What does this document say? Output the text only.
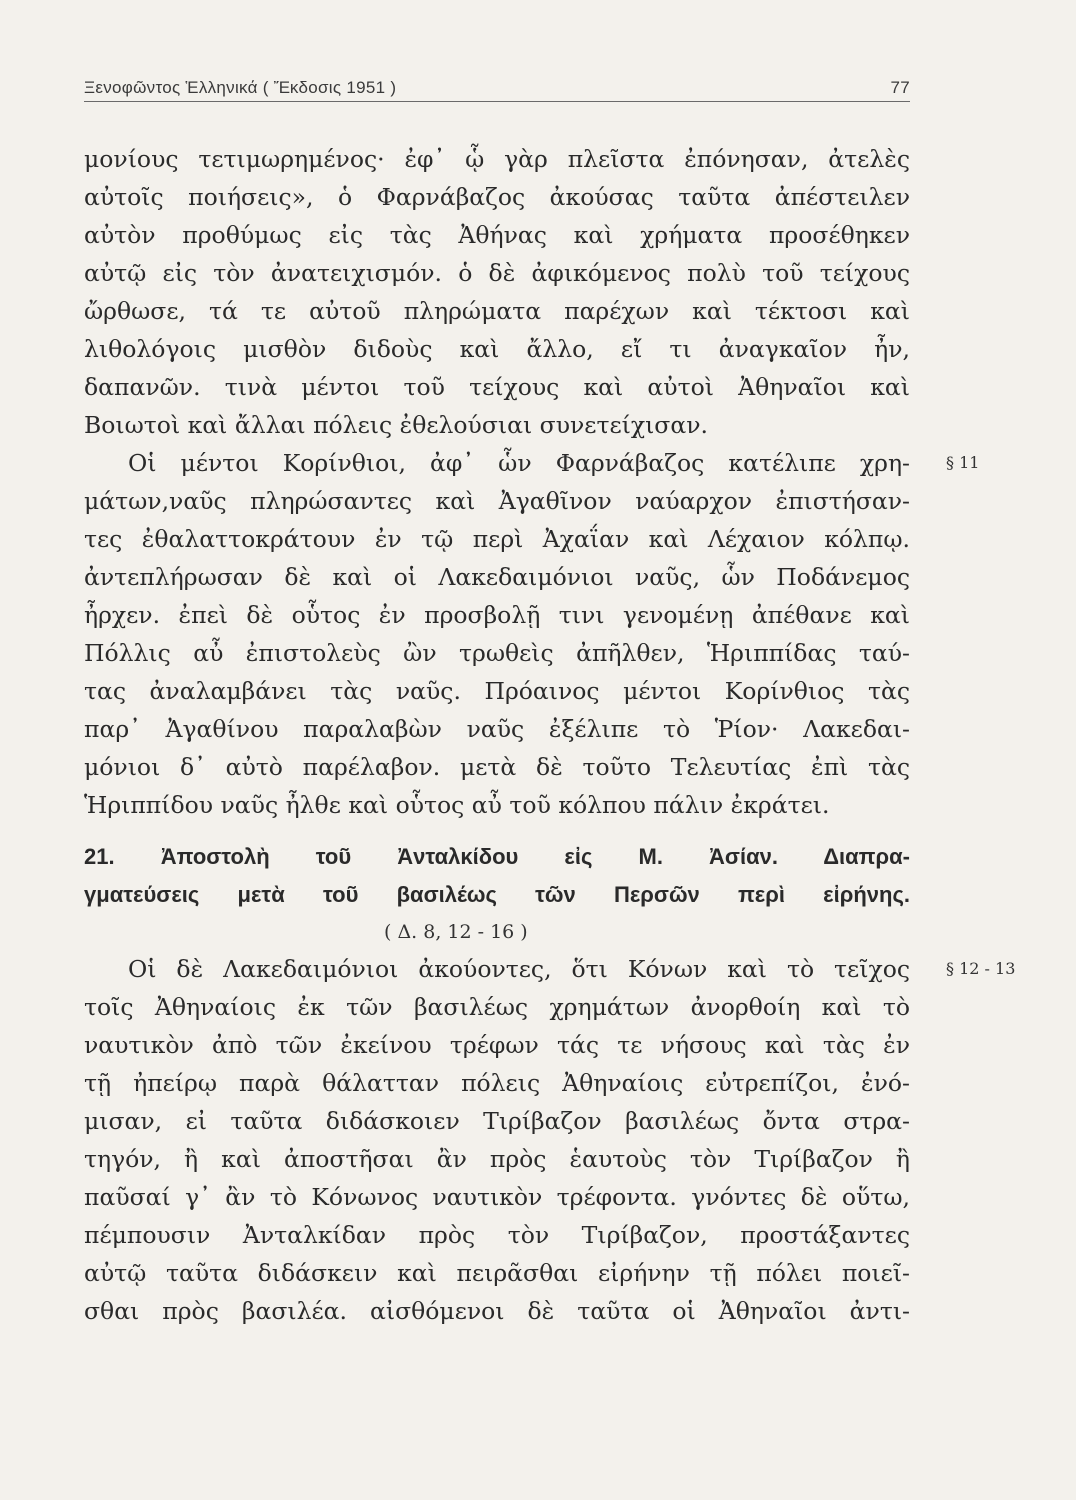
Ξενοφῶντος Ἑλληνικά ( Ἔκδοσις 1951 )	77
μονίους τετιμωρημένος· ἐφ᾽ ᾧ γὰρ πλεῖστα ἐπόνησαν, ἀτελὲς
αὐτοῖς ποιήσεις», ὁ Φαρνάβαζος ἀκούσας ταῦτα ἀπέστειλεν
αὐτὸν προθύμως εἰς τὰς Ἀθήνας καὶ χρήματα προσέθηκεν
αὐτῷ εἰς τὸν ἀνατειχισμόν. ὁ δὲ ἀφικόμενος πολὺ τοῦ τείχους
ὤρθωσε, τά τε αὐτοῦ πληρώματα παρέχων καὶ τέκτοσι καὶ
λιθολόγοις μισθὸν διδοὺς καὶ ἄλλο, εἴ τι ἀναγκαῖον ἦν,
δαπανῶν. τινὰ μέντοι τοῦ τείχους καὶ αὐτοὶ Ἀθηναῖοι καὶ
Βοιωτοὶ καὶ ἄλλαι πόλεις ἐθελούσιαι συνετείχισαν.
§ 11
Οἱ μέντοι Κορίνθιοι, ἀφ᾽ ὧν Φαρνάβαζος κατέλιπε χρη-
μάτων,ναῦς πληρώσαντες καὶ Ἀγαθῖνον ναύαρχον ἐπιστήσαν-
τες ἐθαλαττοκράτουν ἐν τῷ περὶ Ἀχαΐαν καὶ Λέχαιον κόλπῳ.
ἀντεπλήρωσαν δὲ καὶ οἱ Λακεδαιμόνιοι ναῦς, ὧν Ποδάνεμος
ἦρχεν. ἐπεὶ δὲ οὗτος ἐν προσβολῇ τινι γενομένῃ ἀπέθανε καὶ
Πόλλις αὖ ἐπιστολεὺς ὢν τρωθεὶς ἀπῆλθεν, Ἡριππίδας ταύ-
τας ἀναλαμβάνει τὰς ναῦς. Πρόαινος μέντοι Κορίνθιος τὰς
παρ᾽ Ἀγαθίνου παραλαβὼν ναῦς ἐξέλιπε τὸ Ῥίον· Λακεδαι-
μόνιοι δ᾽ αὐτὸ παρέλαβον. μετὰ δὲ τοῦτο Τελευτίας ἐπὶ τὰς
Ἡριππίδου ναῦς ἦλθε καὶ οὗτος αὖ τοῦ κόλπου πάλιν ἐκράτει.
21. Ἀποστολὴ τοῦ Ἀνταλκίδου εἰς Μ. Ἀσίαν. Διαπρα-
γματεύσεις μετὰ τοῦ βασιλέως τῶν Περσῶν περὶ εἰρήνης.
( Δ. 8, 12 - 16 )
§ 12 - 13
Οἱ δὲ Λακεδαιμόνιοι ἀκούοντες, ὅτι Κόνων καὶ τὸ τεῖχος
τοῖς Ἀθηναίοις ἐκ τῶν βασιλέως χρημάτων ἀνορθοίη καὶ τὸ
ναυτικὸν ἀπὸ τῶν ἐκείνου τρέφων τάς τε νήσους καὶ τὰς ἐν
τῇ ἠπείρῳ παρὰ θάλατταν πόλεις Ἀθηναίοις εὐτρεπίζοι, ἐνό-
μισαν, εἰ ταῦτα διδάσκοιεν Τιρίβαζον βασιλέως ὄντα στρα-
τηγόν, ἢ καὶ ἀποστῆσαι ἂν πρὸς ἑαυτοὺς τὸν Τιρίβαζον ἢ
παῦσαί γ᾽ ἂν τὸ Κόνωνος ναυτικὸν τρέφοντα. γνόντες δὲ οὕτω,
πέμπουσιν Ἀνταλκίδαν πρὸς τὸν Τιρίβαζον, προστάξαντες
αὐτῷ ταῦτα διδάσκειν καὶ πειρᾶσθαι εἰρήνην τῇ πόλει ποιεῖ-
σθαι πρὸς βασιλέα. αἰσθόμενοι δὲ ταῦτα οἱ Ἀθηναῖοι ἀντι-
